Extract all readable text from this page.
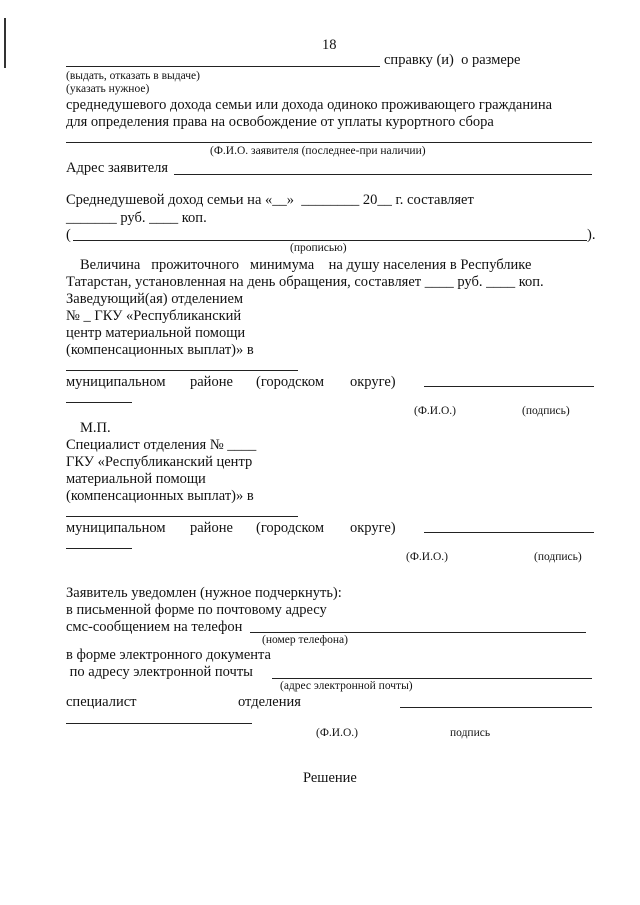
18
справку (и)  о размере
(выдать, отказать в выдаче)
(указать нужное)
среднедушевого дохода семьи или дохода одиноко проживающего гражданина
для определения права на освобождение от уплаты курортного сбора
(Ф.И.О. заявителя (последнее-при наличии)
Адрес заявителя
Среднедушевой доход семьи на «__»  ________ 20__ г. составляет
_______ руб. ____ коп.
(	).
(прописью)
Величина   прожиточного   минимума    на душу населения в Республике
Татарстан, установленная на день обращения, составляет ____ руб. ____ коп.
Заведующий(ая) отделением
№ _ ГКУ «Республиканский
центр материальной помощи
(компенсационных выплат)» в
муниципальном районе (городском округе)
(Ф.И.О.)	(подпись)
М.П.
Специалист отделения № ____
ГКУ «Республиканский центр
материальной помощи
(компенсационных выплат)» в
муниципальном районе (городском округе)
(Ф.И.О.)	(подпись)
Заявитель уведомлен (нужное подчеркнуть):
в письменной форме по почтовому адресу
смс-сообщением на телефон
(номер телефона)
в форме электронного документа
по адресу электронной почты
(адрес электронной почты)
специалист	отделения
(Ф.И.О.)	подпись
Решение
